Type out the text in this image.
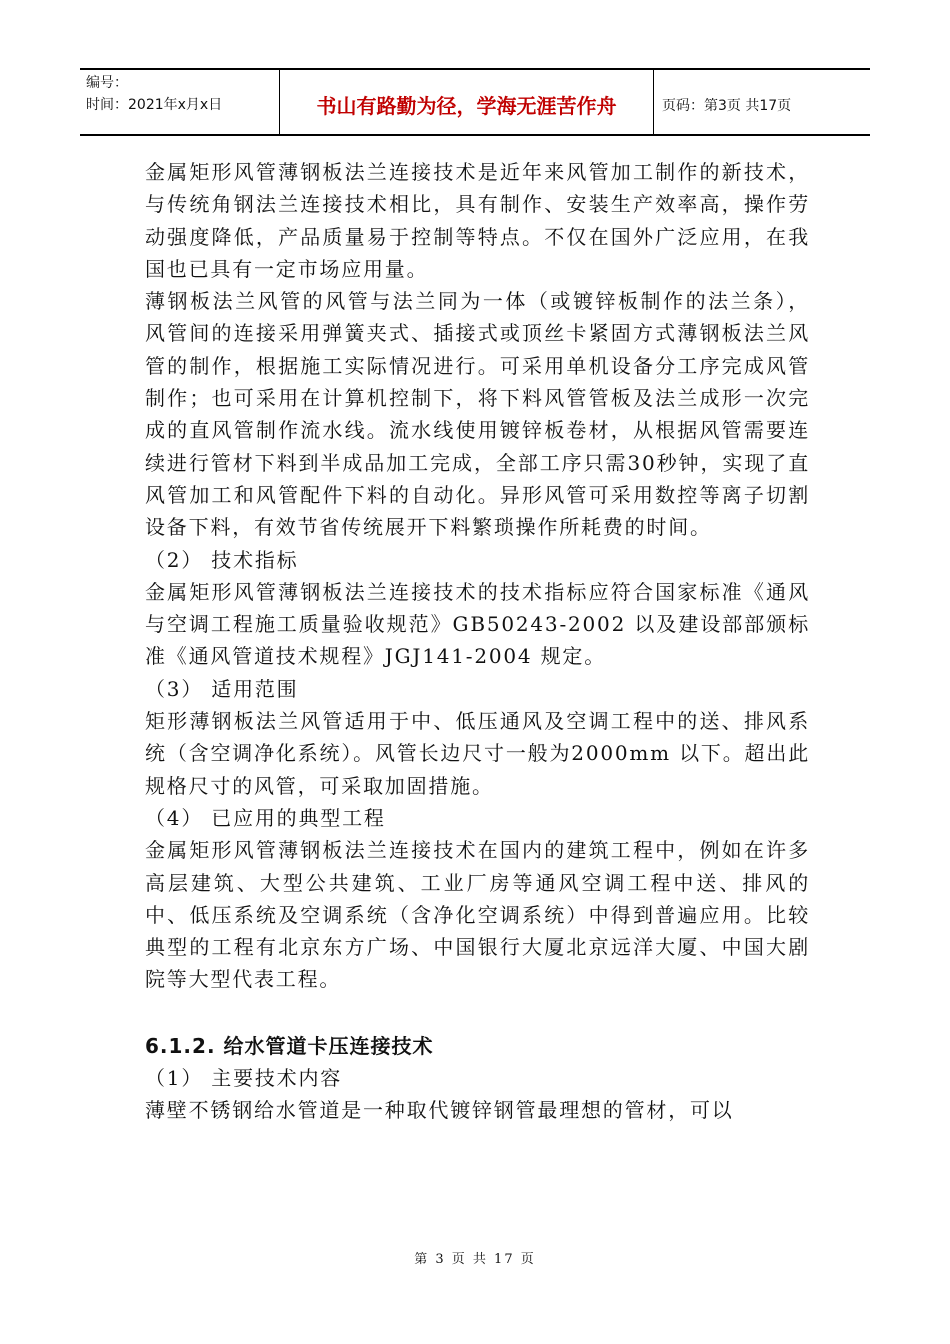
编号：
时间：2021年x月x日	书山有路勤为径，学海无涯苦作舟	页码：第3页 共17页

金属矩形风管薄钢板法兰连接技术是近年来风管加工制作的新技术，与传统角钢法兰连接技术相比，具有制作、安装生产效率高，操作劳动强度降低，产品质量易于控制等特点。不仅在国外广泛应用，在我国也已具有一定市场应用量。

薄钢板法兰风管的风管与法兰同为一体（或镀锌板制作的法兰条），风管间的连接采用弹簧夹式、插接式或顶丝卡紧固方式薄钢板法兰风管的制作，根据施工实际情况进行。可采用单机设备分工序完成风管制作；也可采用在计算机控制下，将下料风管管板及法兰成形一次完成的直风管制作流水线。流水线使用镀锌板卷材，从根据风管需要连续进行管材下料到半成品加工完成，全部工序只需30秒钟，实现了直风管加工和风管配件下料的自动化。异形风管可采用数控等离子切割设备下料，有效节省传统展开下料繁琐操作所耗费的时间。

（2） 技术指标

金属矩形风管薄钢板法兰连接技术的技术指标应符合国家标准《通风与空调工程施工质量验收规范》GB50243-2002 以及建设部部颁标准《通风管道技术规程》JGJ141-2004 规定。

（3） 适用范围

矩形薄钢板法兰风管适用于中、低压通风及空调工程中的送、排风系统（含空调净化系统）。风管长边尺寸一般为2000mm 以下。超出此规格尺寸的风管，可采取加固措施。

（4） 已应用的典型工程

金属矩形风管薄钢板法兰连接技术在国内的建筑工程中，例如在许多高层建筑、大型公共建筑、工业厂房等通风空调工程中送、排风的中、低压系统及空调系统（含净化空调系统）中得到普遍应用。比较典型的工程有北京东方广场、中国银行大厦北京远洋大厦、中国大剧院等大型代表工程。

6.1.2. 给水管道卡压连接技术

（1） 主要技术内容

薄壁不锈钢给水管道是一种取代镀锌钢管最理想的管材，可以

第 3 页 共 17 页
